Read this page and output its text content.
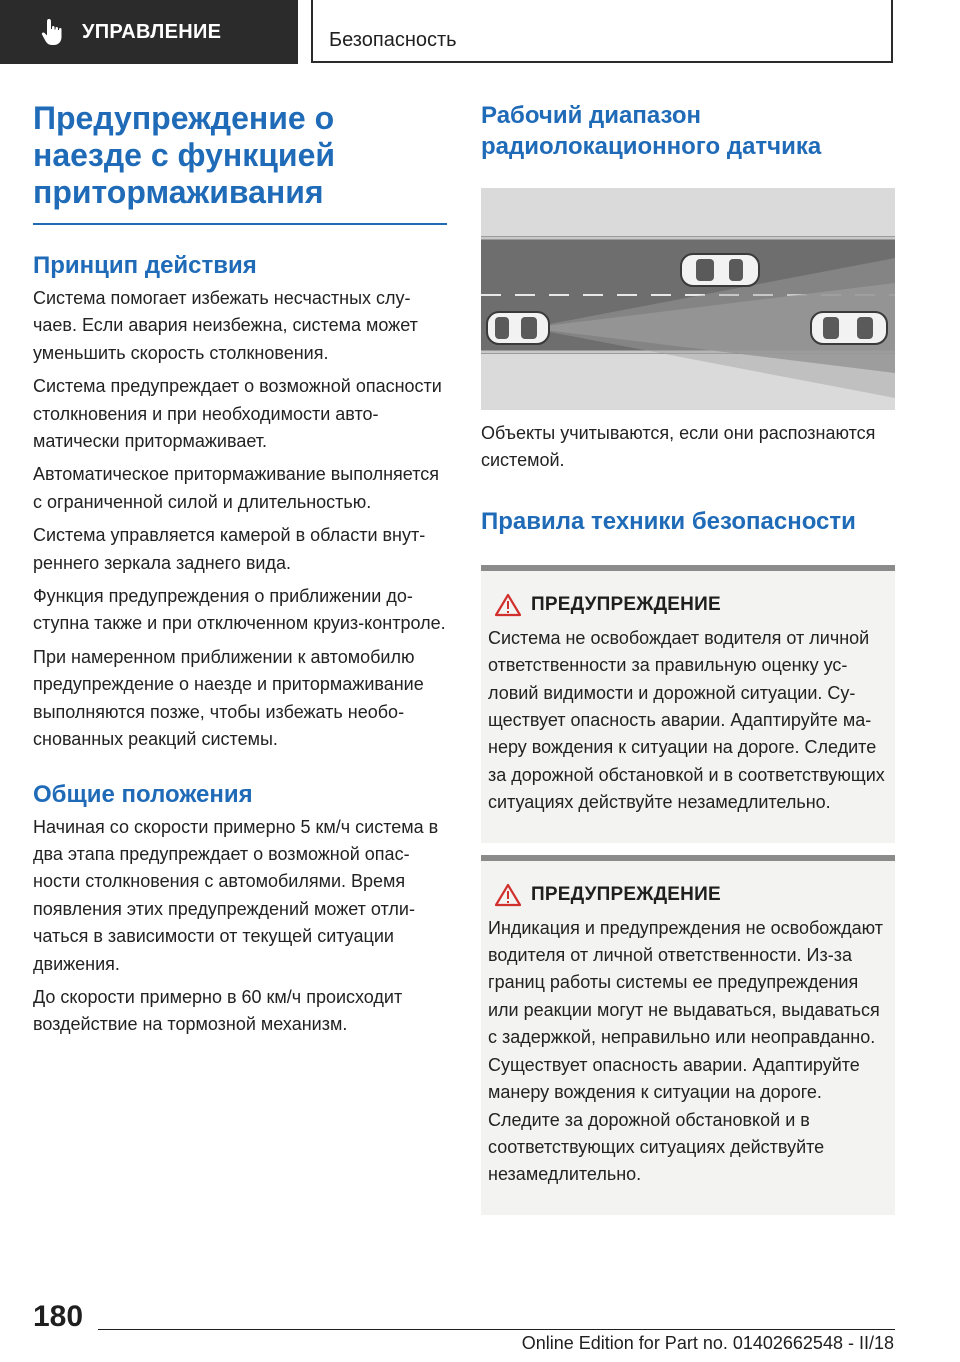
УПРАВЛЕНИЕ	Безопасность
Предупреждение о наезде с функцией притормаживания
Принцип действия

Система помогает избежать несчастных случаев. Если авария неизбежна, система может уменьшить скорость столкновения.

Система предупреждает о возможной опасности столкновения и при необходимости автоматически притормаживает.

Автоматическое притормаживание выполняется с ограниченной силой и длительностью.

Система управляется камерой в области внутреннего зеркала заднего вида.

Функция предупреждения о приближении доступна также и при отключенном круиз-контроле.

При намеренном приближении к автомобилю предупреждение о наезде и притормаживание выполняются позже, чтобы избежать необоснованных реакций системы.

Общие положения

Начиная со скорости примерно 5 км/ч система в два этапа предупреждает о возможной опасности столкновения с автомобилями. Время появления этих предупреждений может отличаться в зависимости от текущей ситуации движения.

До скорости примерно в 60 км/ч происходит воздействие на тормозной механизм.

Рабочий диапазон радиолокационного датчика

Объекты учитываются, если они распознаются системой.

Правила техники безопасности
ПРЕДУПРЕЖДЕНИЕ

Система не освобождает водителя от личной ответственности за правильную оценку условий видимости и дорожной ситуации. Существует опасность аварии. Адаптируйте манеру вождения к ситуации на дороге. Следите за дорожной обстановкой и в соответствующих ситуациях действуйте незамедлительно.

ПРЕДУПРЕЖДЕНИЕ

Индикация и предупреждения не освобождают водителя от личной ответственности. Из-за границ работы системы ее предупреждения или реакции могут не выдаваться, выдаваться с задержкой, неправильно или неоправданно. Существует опасность аварии. Адаптируйте манеру вождения к ситуации на дороге. Следите за дорожной обстановкой и в соответствующих ситуациях действуйте незамедлительно.

180
Online Edition for Part no. 01402662548 - II/18
